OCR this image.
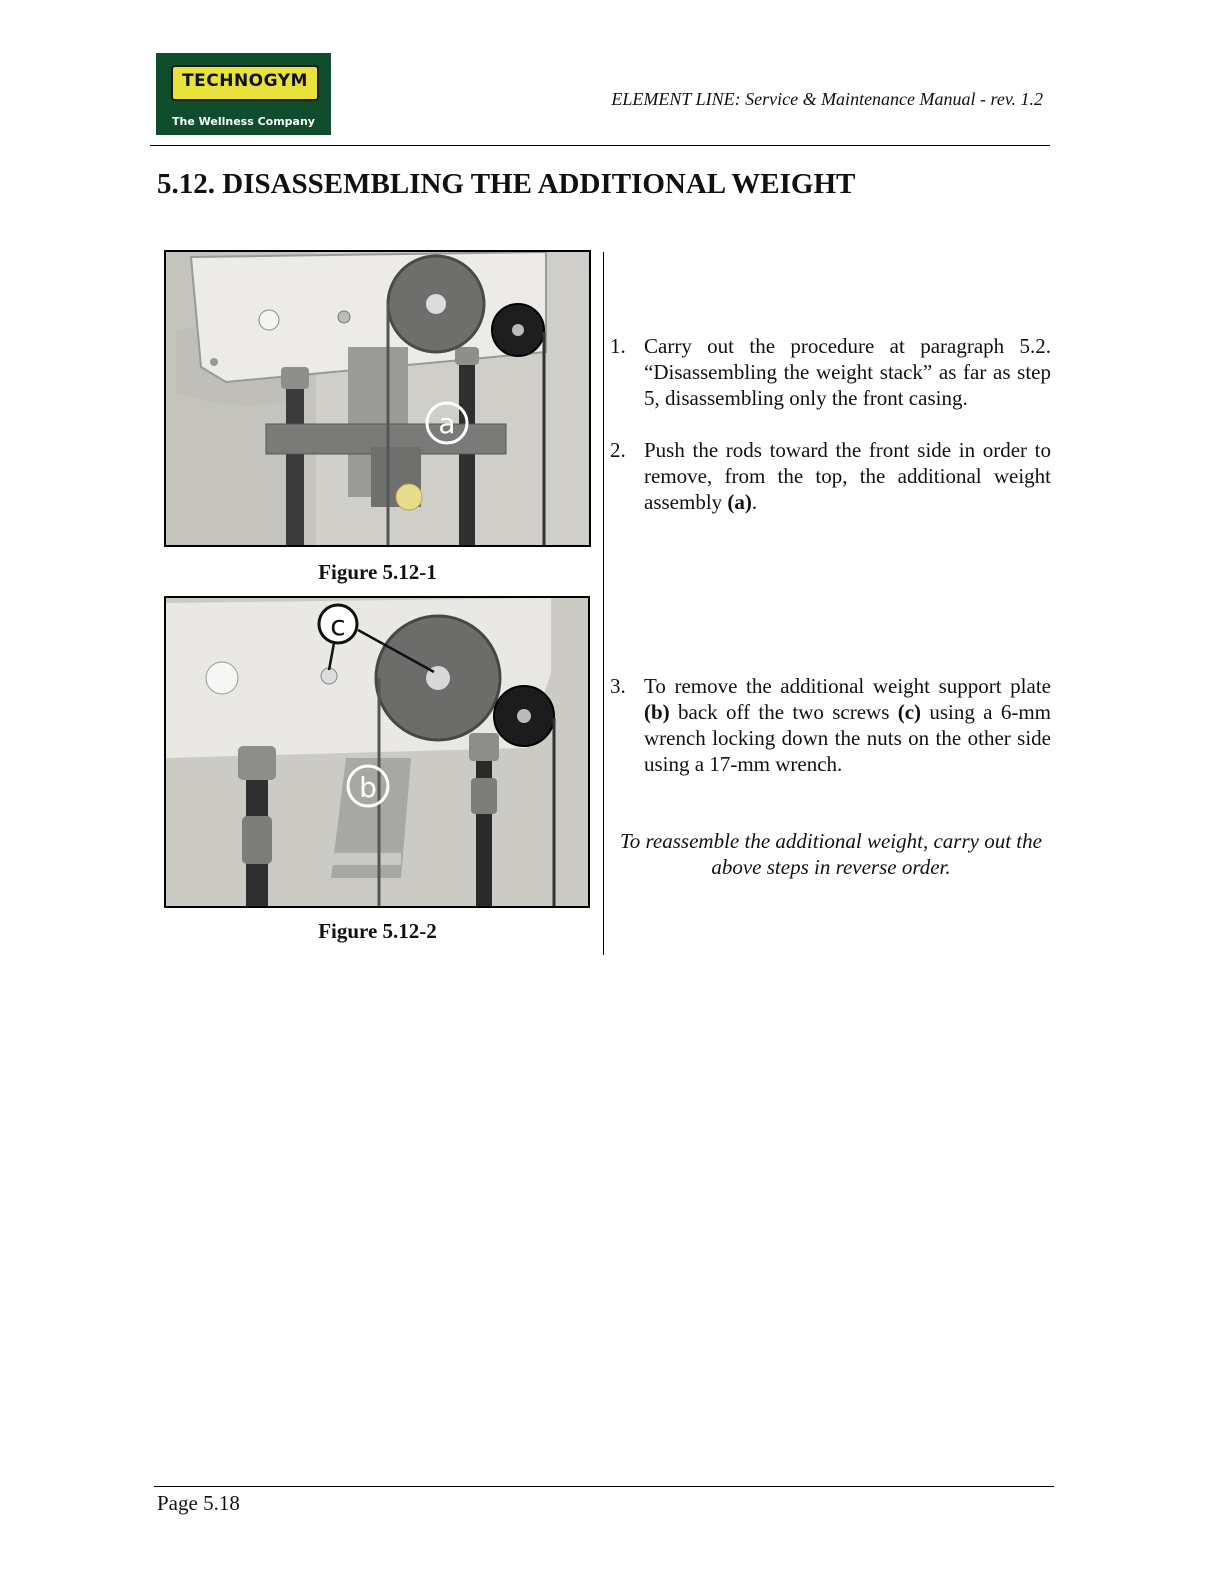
TECHNOGYM
The Wellness Company
ELEMENT LINE: Service & Maintenance Manual - rev. 1.2
5.12. DISASSEMBLING THE ADDITIONAL WEIGHT
a
Figure 5.12-1
c
b
Figure 5.12-2
1. Carry out the procedure at paragraph 5.2. “Disassembling the weight stack” as far as step 5, disassembling only the front casing.
2. Push the rods toward the front side in order to remove, from the top, the additional weight assembly (a).
3. To remove the additional weight support plate (b) back off the two screws (c) using a 6-mm wrench locking down the nuts on the other side using a 17-mm wrench.
To reassemble the additional weight, carry out the above steps in reverse order.
Page 5.18
